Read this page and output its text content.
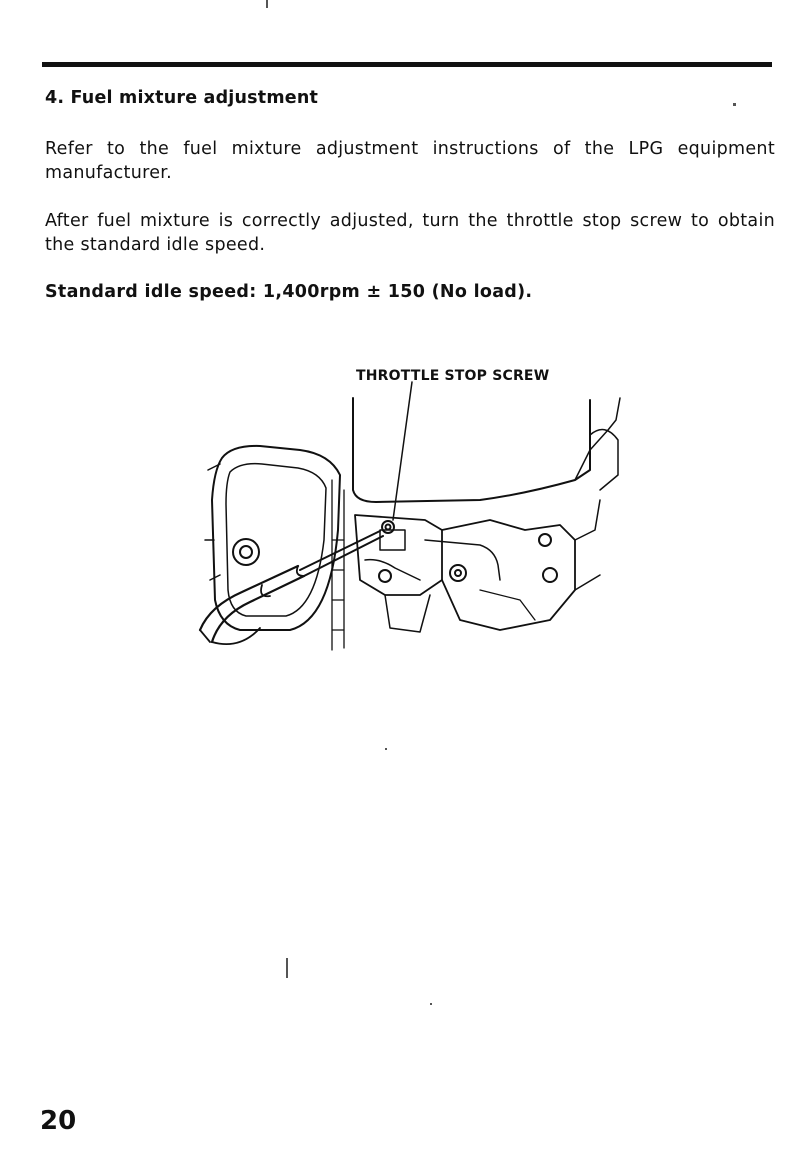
4. Fuel mixture adjustment
Refer to the fuel mixture adjustment instructions of the LPG equipment manufacturer.
After fuel mixture is correctly adjusted, turn the throttle stop screw to obtain the standard idle speed.
Standard idle speed: 1,400rpm ± 150 (No load).
THROTTLE STOP SCREW
20
